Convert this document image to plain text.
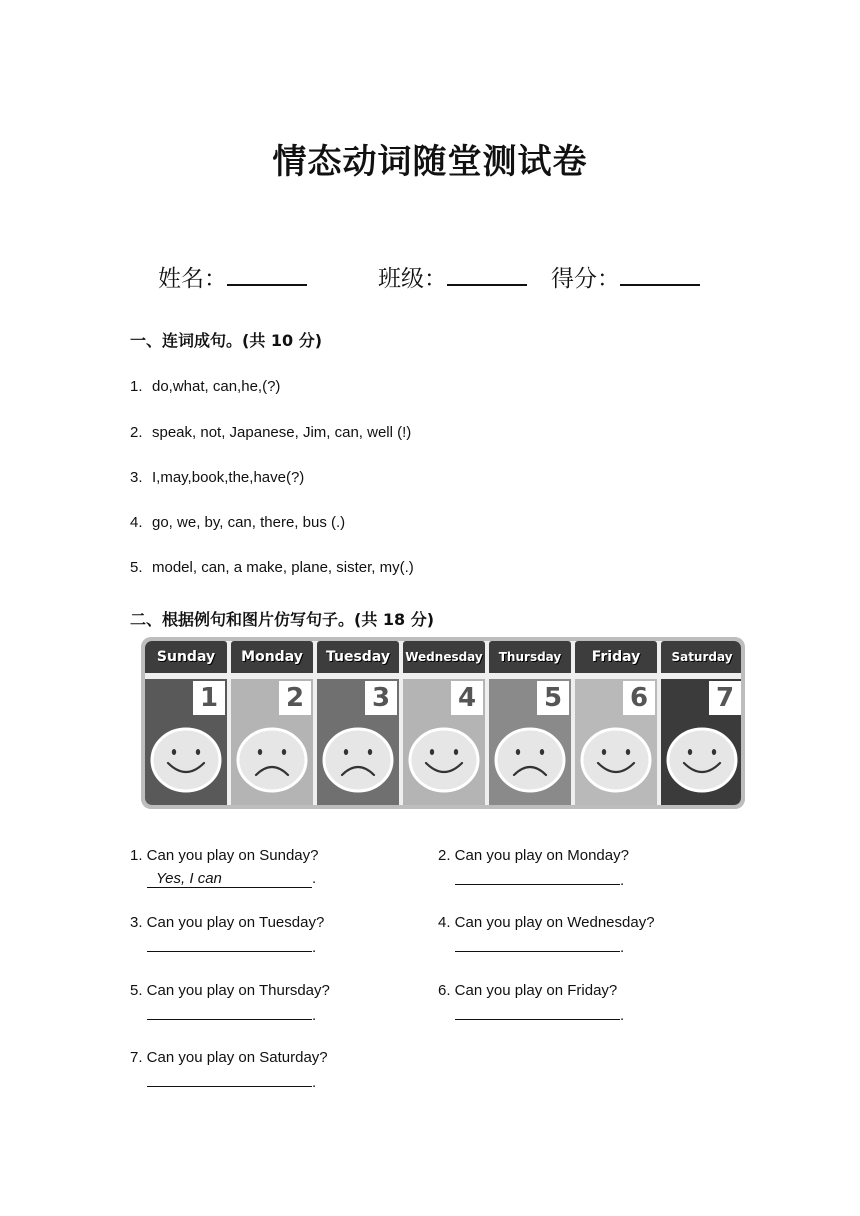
情态动词随堂测试卷
姓名：	班级：	得分：
一、连词成句。(共 10 分)
1. do,what, can,he,(?)
2. speak, not, Japanese, Jim, can, well (!)
3. I,may,book,the,have(?)
4. go, we, by, can, there, bus (.)
5. model, can, a make, plane, sister, my(.)
二、根据例句和图片仿写句子。(共 18 分)
Sunday
1
Monday
2
Tuesday
3
Wednesday
4
Thursday
5
Friday
6
Saturday
7
1. Can you play on Sunday?
Yes, I can	.
2. Can you play on Monday?
.
3. Can you play on Tuesday?
.
4. Can you play on Wednesday?
.
5. Can you play on Thursday?
.
6. Can you play on Friday?
.
7. Can you play on Saturday?
.
